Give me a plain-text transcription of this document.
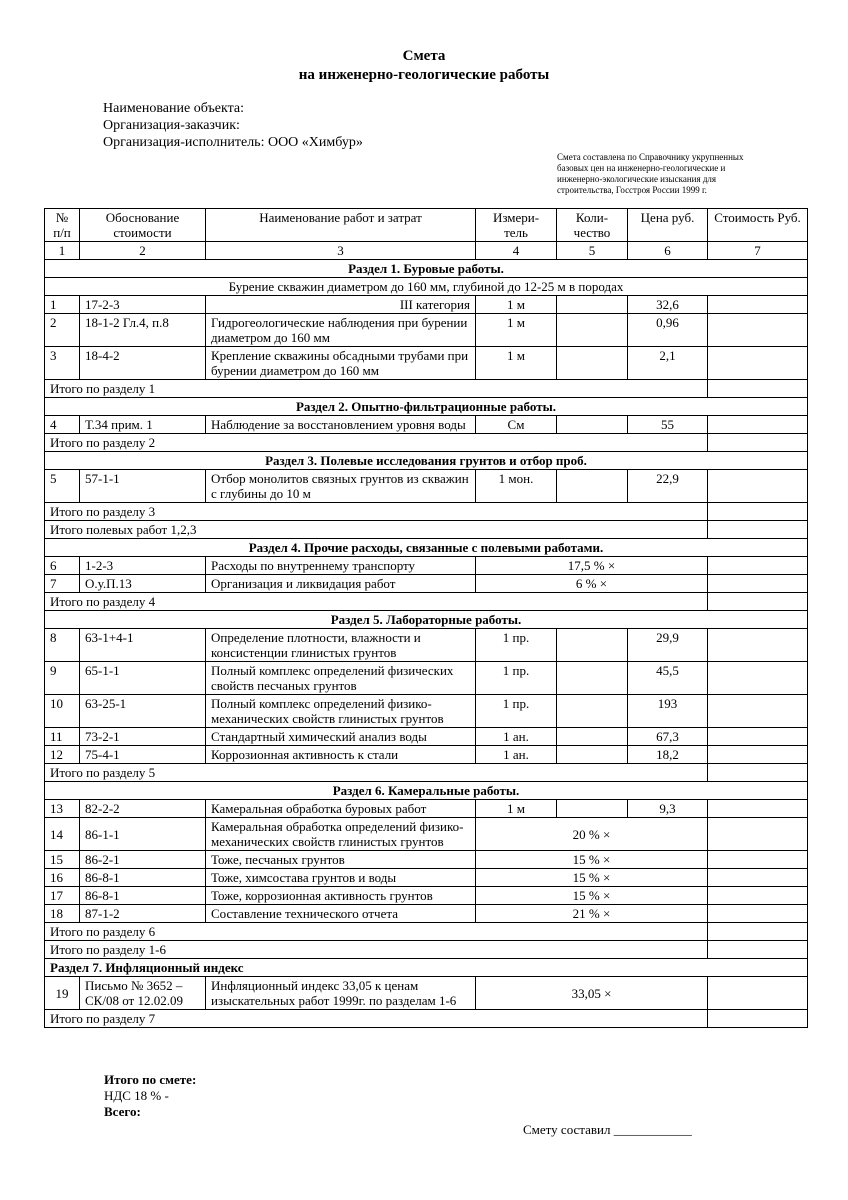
Смета
на инженерно-геологические работы
Наименование объекта:
Организация-заказчик:
Организация-исполнитель: ООО «Химбур»
Смета составлена по Справочнику укрупненных базовых цен на инженерно-геологические и инженерно-экологические изыскания для строительства, Госстроя России 1999 г.
№ п/п	Обоснование стоимости	Наименование работ и затрат	Измери- тель	Коли- чество	Цена руб.	Стоимость Руб.
1	2	3	4	5	6	7
Раздел 1. Буровые работы.						
Бурение скважин диаметром до 160 мм, глубиной до 12-25 м в породах						
1	17-2-3	III категория	1 м		32,6	
2	18-1-2 Гл.4, п.8	Гидрогеологические наблюдения при бурении диаметром до 160 мм	1 м		0,96	
3	18-4-2	Крепление скважины обсадными трубами при бурении диаметром до 160 мм	1 м		2,1	
Итого по разделу 1						
Раздел 2. Опытно-фильтрационные работы.						
4	Т.34 прим. 1	Наблюдение за восстановлением уровня воды	См		55	
Итого по разделу 2						
Раздел 3. Полевые исследования грунтов и отбор проб.						
5	57-1-1	Отбор монолитов связных грунтов из скважин с глубины до 10 м	1 мон.		22,9	
Итого по разделу 3						
Итого полевых работ 1,2,3						
Раздел 4. Прочие расходы, связанные с полевыми работами.						
6	1-2-3	Расходы по внутреннему транспорту	17,5 % ×			
7	О.у.П.13	Организация и ликвидация работ	6 % ×			
Итого по разделу 4						
Раздел 5. Лабораторные работы.						
8	63-1+4-1	Определение плотности, влажности и консистенции глинистых грунтов	1 пр.		29,9	
9	65-1-1	Полный комплекс определений физических свойств песчаных грунтов	1 пр.		45,5	
10	63-25-1	Полный комплекс определений физико-механических свойств глинистых грунтов	1 пр.		193	
11	73-2-1	Стандартный химический анализ воды	1 ан.		67,3	
12	75-4-1	Коррозионная активность к стали	1 ан.		18,2	
Итого по разделу 5						
Раздел 6. Камеральные работы.						
13	82-2-2	Камеральная обработка буровых работ	1 м		9,3	
14	86-1-1	Камеральная обработка определений физико-механических свойств глинистых грунтов	20 % ×			
15	86-2-1	Тоже, песчаных грунтов	15 % ×			
16	86-8-1	Тоже, химсостава грунтов и воды	15 % ×			
17	86-8-1	Тоже, коррозионная активность грунтов	15 % ×			
18	87-1-2	Составление технического отчета	21 % ×			
Итого по разделу 6						
Итого по разделу 1-6						
Раздел 7. Инфляционный индекс						
19	Письмо № 3652 – СК/08 от 12.02.09	Инфляционный индекс 33,05 к ценам изыскательных работ 1999г. по разделам 1-6	33,05 ×			
Итого по разделу 7						
Итого по смете:
НДС 18 % -
Всего:
Смету составил ____________
